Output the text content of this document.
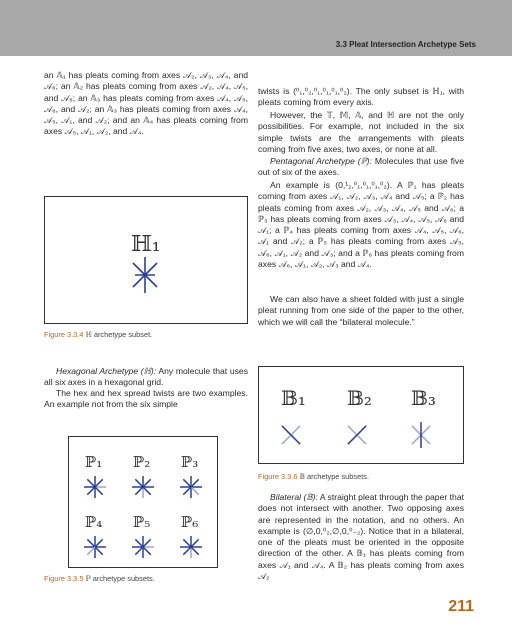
3.3 Pleat Intersection Archetype Sets
an 𝔸₁ has pleats coming from axes 𝒜₂, 𝒜₃, 𝒜₄, and 𝒜₆; an 𝔸₂ has pleats coming from axes 𝒜₂, 𝒜₄, 𝒜₅, and 𝒜₆; an 𝔸₃ has pleats coming from axes 𝒜₄, 𝒜₅, 𝒜₆, and 𝒜₂; an 𝔸₃ has pleats coming from axes 𝒜₄, 𝒜₅, 𝒜₁, and 𝒜₂; and an 𝔸₄ has pleats coming from axes 𝒜₅, 𝒜₁, 𝒜₂, and 𝒜₄.
ℍ₁
Figure 3.3.4 ℍ archetype subset.
Hexagonal Archetype (ℍ): Any molecule that uses all six axes in a hexagonal grid.
The hex and hex spread twists are two examples. An example not from the six simple
ℙ₁ ℙ₂ ℙ₃
ℙ₄ ℙ₅ ℙ₆
Figure 3.3.5 ℙ archetype subsets.
twists is (⁰₁,⁰₂,⁰₁,⁰₁,⁰₁,⁰₂). The only subset is ℍ₁, with pleats coming from every axis.
However, the 𝕋, 𝕄, 𝔸, and ℍ are not the only possibilities. For example, not included in the six simple twists are the arrangements with pleats coming from five axes, two axes, or none at all.
Pentagonal Archetype (ℙ): Molecules that use five out of six of the axes.
An example is (0,¹₂,⁰₁,⁰₁,⁰₁,⁰₂). A ℙ₁ has pleats coming from axes 𝒜₁, 𝒜₂, 𝒜₃, 𝒜₄ and 𝒜₅; a ℙ₂ has pleats coming from axes 𝒜₂, 𝒜₃, 𝒜₄, 𝒜₅ and 𝒜₆; a ℙ₃ has pleats coming from axes 𝒜₃, 𝒜₄, 𝒜₅, 𝒜₆ and 𝒜₁; a ℙ₄ has pleats coming from axes 𝒜₄, 𝒜₅, 𝒜₆, 𝒜₁ and 𝒜₂; a ℙ₅ has pleats coming from axes 𝒜₅, 𝒜₆, 𝒜₁, 𝒜₂ and 𝒜₃; and a ℙ₆ has pleats coming from axes 𝒜₆, 𝒜₁, 𝒜₂, 𝒜₃ and 𝒜₄.
We can also have a sheet folded with just a single pleat running from one side of the paper to the other, which we will call the “bilateral molecule.”
𝔹₁ 𝔹₂ 𝔹₃
Figure 3.3.6 𝔹 archetype subsets.
Bilateral (𝔹): A straight pleat through the paper that does not intersect with another. Two opposing axes are represented in the notation, and no others. An example is (∅,0,⁰₂,∅,0,⁰₋₂). Notice that in a bilateral, one of the pleats must be oriented in the opposite direction of the other. A 𝔹₁ has pleats coming from axes 𝒜₁ and 𝒜₄. A 𝔹₂ has pleats coming from axes 𝒜₂
211
